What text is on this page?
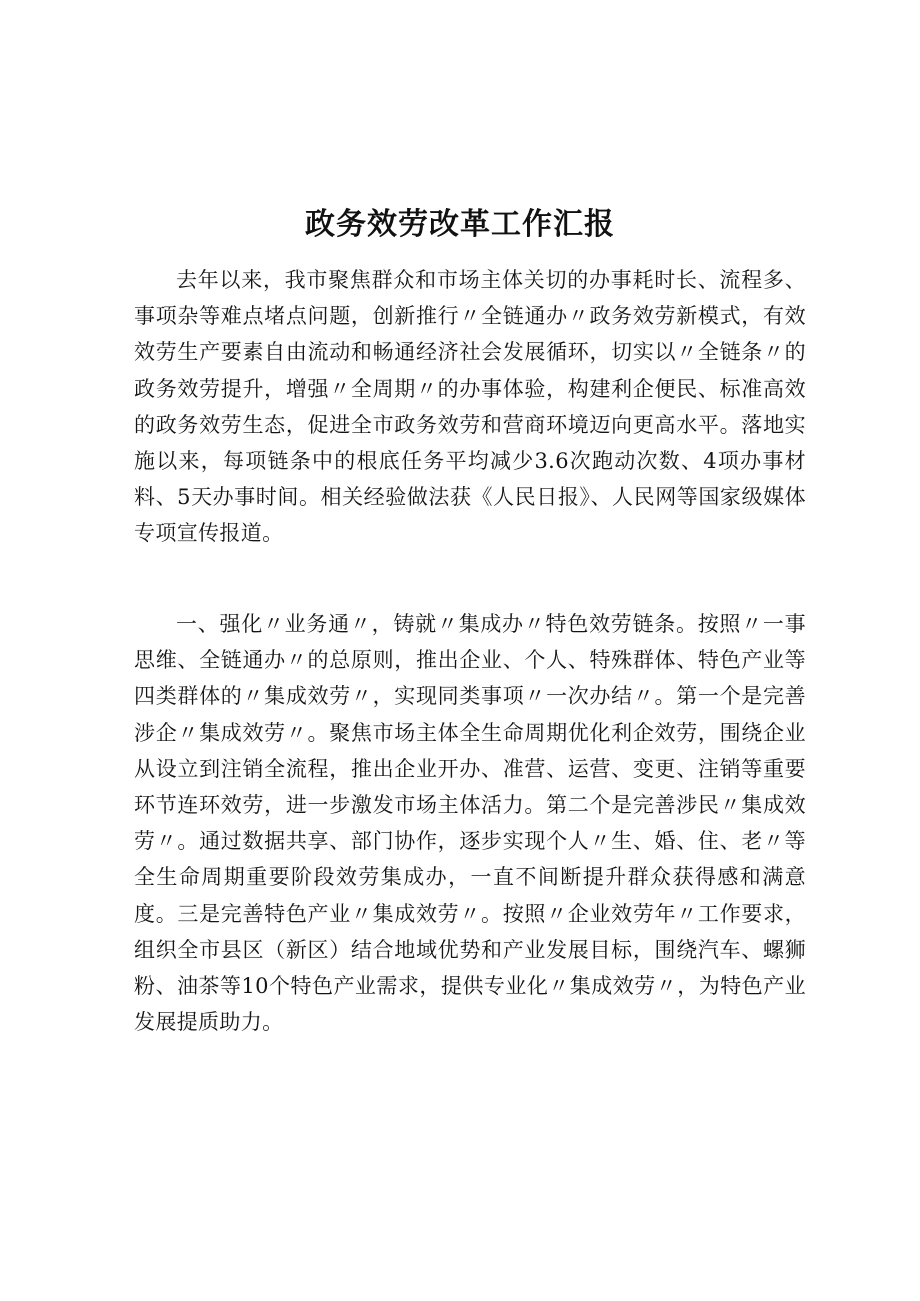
政务效劳改革工作汇报

去年以来，我市聚焦群众和市场主体关切的办事耗时长、流程多、事项杂等难点堵点问题，创新推行〃全链通办〃政务效劳新模式，有效效劳生产要素自由流动和畅通经济社会发展循环，切实以〃全链条〃的政务效劳提升，增强〃全周期〃的办事体验，构建利企便民、标准高效的政务效劳生态，促进全市政务效劳和营商环境迈向更高水平。落地实施以来，每项链条中的根底任务平均减少3.6次跑动次数、4项办事材料、5天办事时间。相关经验做法获《人民日报》、人民网等国家级媒体专项宣传报道。

一、强化〃业务通〃，铸就〃集成办〃特色效劳链条。按照〃一事思维、全链通办〃的总原则，推出企业、个人、特殊群体、特色产业等四类群体的〃集成效劳〃，实现同类事项〃一次办结〃。第一个是完善涉企〃集成效劳〃。聚焦市场主体全生命周期优化利企效劳，围绕企业从设立到注销全流程，推出企业开办、准营、运营、变更、注销等重要环节连环效劳，进一步激发市场主体活力。第二个是完善涉民〃集成效劳〃。通过数据共享、部门协作，逐步实现个人〃生、婚、住、老〃等全生命周期重要阶段效劳集成办，一直不间断提升群众获得感和满意度。三是完善特色产业〃集成效劳〃。按照〃企业效劳年〃工作要求，组织全市县区（新区）结合地域优势和产业发展目标，围绕汽车、螺狮粉、油茶等10个特色产业需求，提供专业化〃集成效劳〃，为特色产业发展提质助力。
